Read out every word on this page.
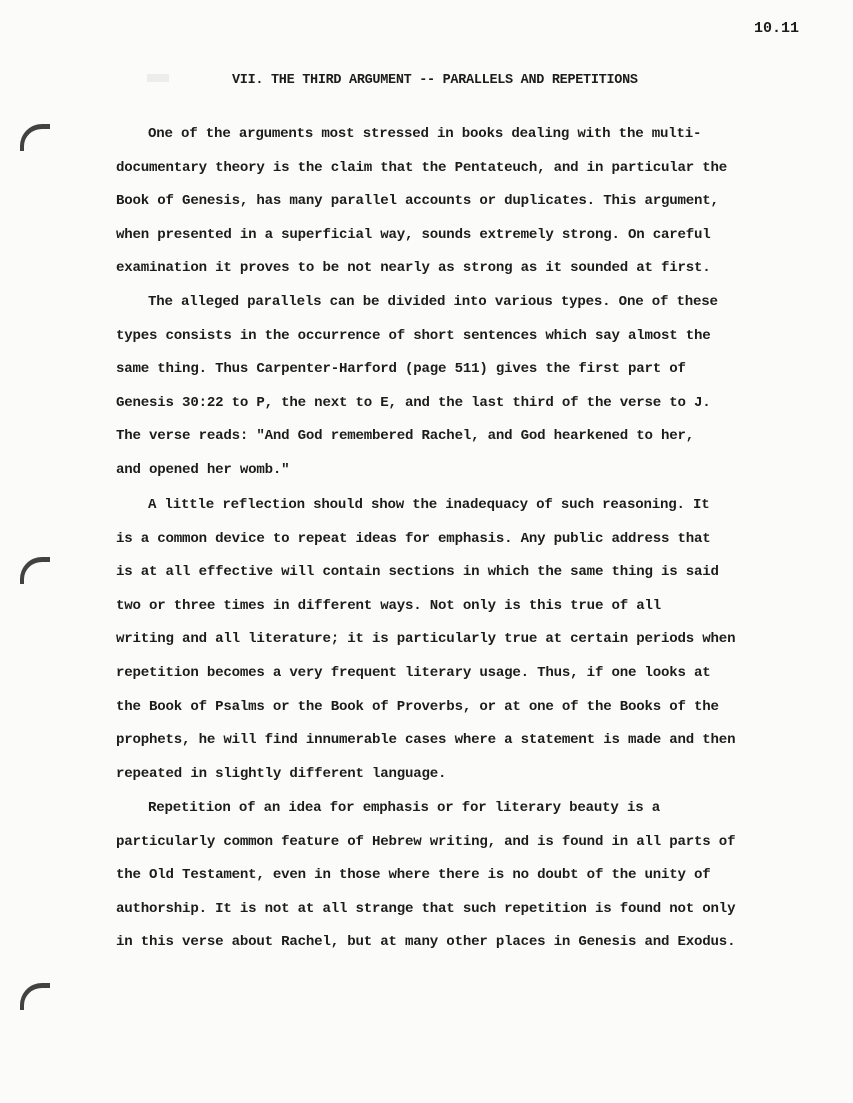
10.11
VII. THE THIRD ARGUMENT -- PARALLELS AND REPETITIONS
One of the arguments most stressed in books dealing with the multi-
documentary theory is the claim that the Pentateuch, and in particular the
Book of Genesis, has many parallel accounts or duplicates. This argument,
when presented in a superficial way, sounds extremely strong. On careful
examination it proves to be not nearly as strong as it sounded at first.
The alleged parallels can be divided into various types. One of these
types consists in the occurrence of short sentences which say almost the
same thing. Thus Carpenter-Harford (page 511) gives the first part of
Genesis 30:22 to P, the next to E, and the last third of the verse to J.
The verse reads: "And God remembered Rachel, and God hearkened to her,
and opened her womb."
A little reflection should show the inadequacy of such reasoning. It
is a common device to repeat ideas for emphasis. Any public address that
is at all effective will contain sections in which the same thing is said
two or three times in different ways. Not only is this true of all
writing and all literature; it is particularly true at certain periods when
repetition becomes a very frequent literary usage. Thus, if one looks at
the Book of Psalms or the Book of Proverbs, or at one of the Books of the
prophets, he will find innumerable cases where a statement is made and then
repeated in slightly different language.
Repetition of an idea for emphasis or for literary beauty is a
particularly common feature of Hebrew writing, and is found in all parts of
the Old Testament, even in those where there is no doubt of the unity of
authorship. It is not at all strange that such repetition is found not only
in this verse about Rachel, but at many other places in Genesis and Exodus.
